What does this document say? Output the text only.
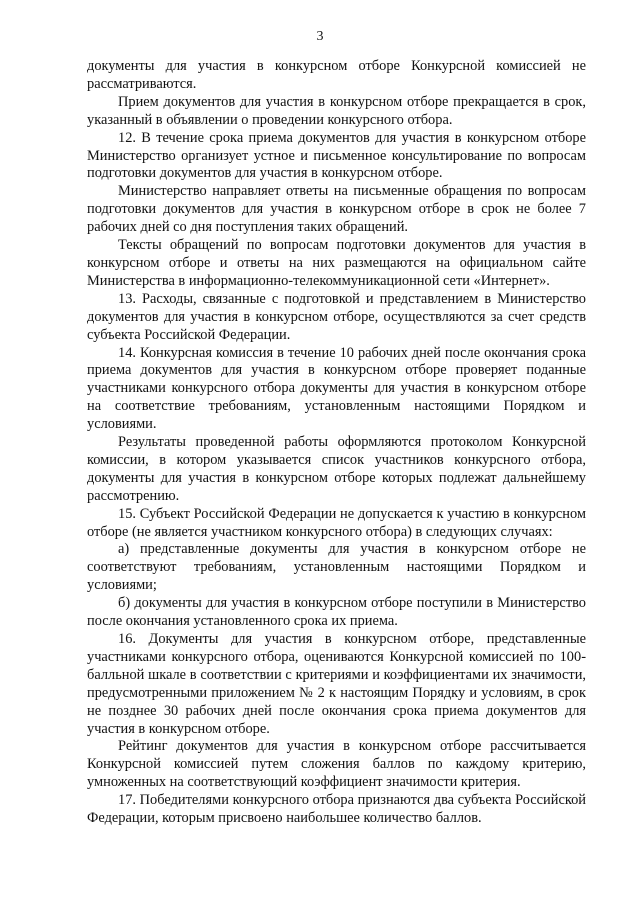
3

документы для участия в конкурсном отборе Конкурсной комиссией не рассматриваются.

Прием документов для участия в конкурсном отборе прекращается в срок, указанный в объявлении о проведении конкурсного отбора.

12. В течение срока приема документов для участия в конкурсном отборе Министерство организует устное и письменное консультирование по вопросам подготовки документов для участия в конкурсном отборе.

Министерство направляет ответы на письменные обращения по вопросам подготовки документов для участия в конкурсном отборе в срок не более 7 рабочих дней со дня поступления таких обращений.

Тексты обращений по вопросам подготовки документов для участия в конкурсном отборе и ответы на них размещаются на официальном сайте Министерства в информационно-телекоммуникационной сети «Интернет».

13. Расходы, связанные с подготовкой и представлением в Министерство документов для участия в конкурсном отборе, осуществляются за счет средств субъекта Российской Федерации.

14. Конкурсная комиссия в течение 10 рабочих дней после окончания срока приема документов для участия в конкурсном отборе проверяет поданные участниками конкурсного отбора документы для участия в конкурсном отборе на соответствие требованиям, установленным настоящими Порядком и условиями.

Результаты проведенной работы оформляются протоколом Конкурсной комиссии, в котором указывается список участников конкурсного отбора, документы для участия в конкурсном отборе которых подлежат дальнейшему рассмотрению.

15. Субъект Российской Федерации не допускается к участию в конкурсном отборе (не является участником конкурсного отбора) в следующих случаях:

а) представленные документы для участия в конкурсном отборе не соответствуют требованиям, установленным настоящими Порядком и условиями;

б) документы для участия в конкурсном отборе поступили в Министерство после окончания установленного срока их приема.

16. Документы для участия в конкурсном отборе, представленные участниками конкурсного отбора, оцениваются Конкурсной комиссией по 100-балльной шкале в соответствии с критериями и коэффициентами их значимости, предусмотренными приложением № 2 к настоящим Порядку и условиям, в срок не позднее 30 рабочих дней после окончания срока приема документов для участия в конкурсном отборе.

Рейтинг документов для участия в конкурсном отборе рассчитывается Конкурсной комиссией путем сложения баллов по каждому критерию, умноженных на соответствующий коэффициент значимости критерия.

17. Победителями конкурсного отбора признаются два субъекта Российской Федерации, которым присвоено наибольшее количество баллов.
